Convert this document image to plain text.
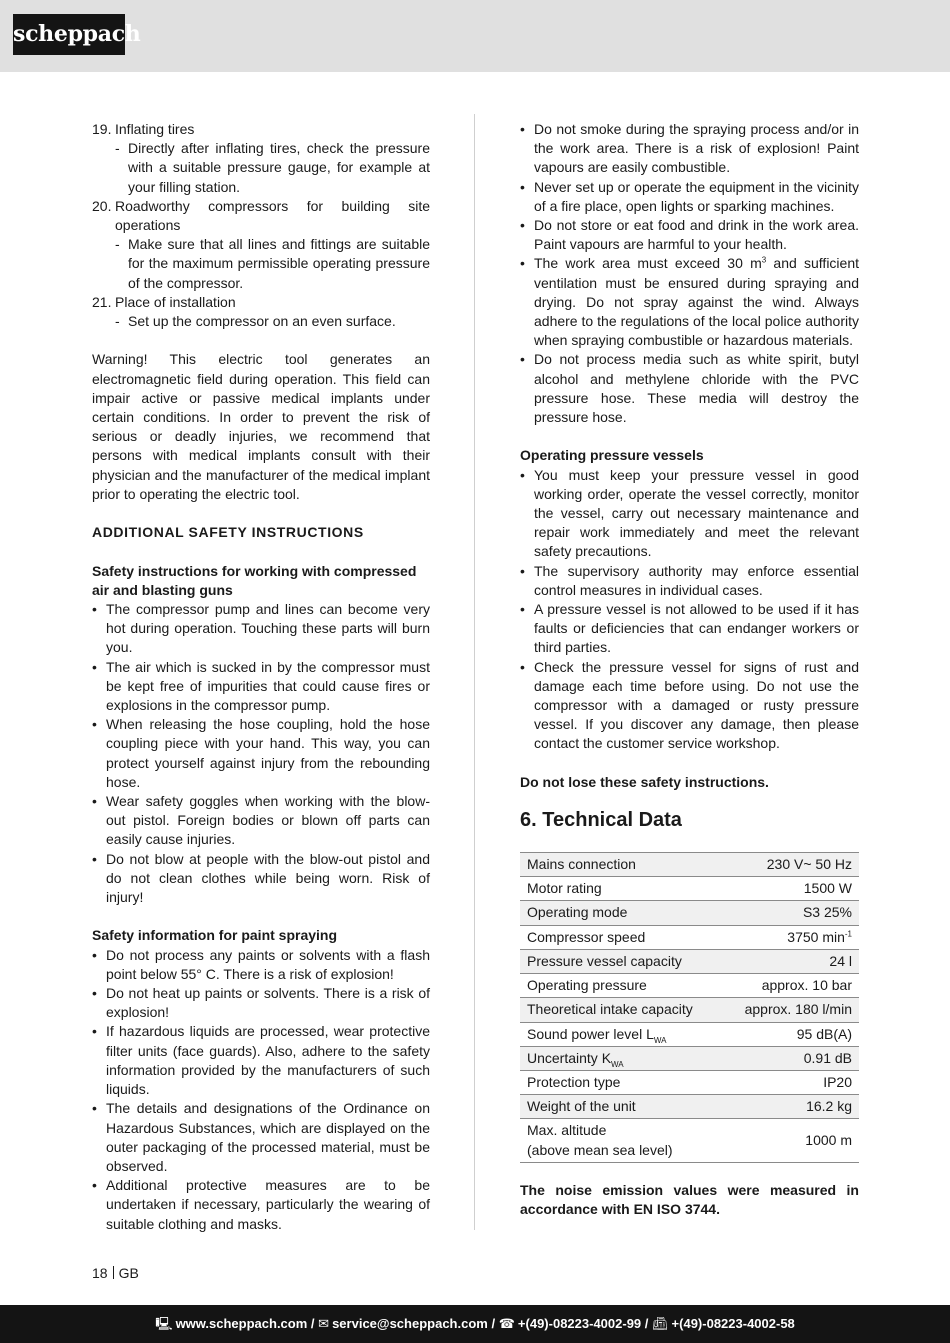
scheppach
19. Inflating tires
- Directly after inflating tires, check the pressure with a suitable pressure gauge, for example at your filling station.
20. Roadworthy compressors for building site operations
- Make sure that all lines and fittings are suitable for the maximum permissible operating pressure of the compressor.
21. Place of installation
- Set up the compressor on an even surface.

Warning! This electric tool generates an electromagnetic field during operation. This field can impair active or passive medical implants under certain conditions. In order to prevent the risk of serious or deadly injuries, we recommend that persons with medical implants consult with their physician and the manufacturer of the medical implant prior to operating the electric tool.

ADDITIONAL SAFETY INSTRUCTIONS

Safety instructions for working with compressed air and blasting guns

• The compressor pump and lines can become very hot during operation. Touching these parts will burn you.
• The air which is sucked in by the compressor must be kept free of impurities that could cause fires or explosions in the compressor pump.
• When releasing the hose coupling, hold the hose coupling piece with your hand. This way, you can protect yourself against injury from the rebounding hose.
• Wear safety goggles when working with the blow-out pistol. Foreign bodies or blown off parts can easily cause injuries.
• Do not blow at people with the blow-out pistol and do not clean clothes while being worn. Risk of injury!

Safety information for paint spraying

• Do not process any paints or solvents with a flash point below 55° C. There is a risk of explosion!
• Do not heat up paints or solvents. There is a risk of explosion!
• If hazardous liquids are processed, wear protective filter units (face guards). Also, adhere to the safety information provided by the manufacturers of such liquids.
• The details and designations of the Ordinance on Hazardous Substances, which are displayed on the outer packaging of the processed material, must be observed.
• Additional protective measures are to be undertaken if necessary, particularly the wearing of suitable clothing and masks.
• Do not smoke during the spraying process and/or in the work area. There is a risk of explosion! Paint vapours are easily combustible.
• Never set up or operate the equipment in the vicinity of a fire place, open lights or sparking machines.
• Do not store or eat food and drink in the work area. Paint vapours are harmful to your health.
• The work area must exceed 30 $m^3$ and sufficient ventilation must be ensured during spraying and drying. Do not spray against the wind. Always adhere to the regulations of the local police authority when spraying combustible or hazardous materials.
• Do not process media such as white spirit, butyl alcohol and methylene chloride with the PVC pressure hose. These media will destroy the pressure hose.

Operating pressure vessels

• You must keep your pressure vessel in good working order, operate the vessel correctly, monitor the vessel, carry out necessary maintenance and repair work immediately and meet the relevant safety precautions.
• The supervisory authority may enforce essential control measures in individual cases.
• A pressure vessel is not allowed to be used if it has faults or deficiencies that can endanger workers or third parties.
• Check the pressure vessel for signs of rust and damage each time before using. Do not use the compressor with a damaged or rusty pressure vessel. If you discover any damage, then please contact the customer service workshop.

Do not lose these safety instructions.

6. Technical Data

Mains connection	230 V~ 50 Hz
Motor rating	1500 W
Operating mode	S3 25%
Compressor speed	3750 $\min^{-1}$
Pressure vessel capacity	24 l
Operating pressure	approx. 10 bar
Theoretical intake capacity	approx. 180 l/min
Sound power level $L_{WA}$	95 dB(A)
Uncertainty $K_{WA}$	0.91 dB
Protection type	IP20
Weight of the unit	16.2 kg

Max. altitude
(above mean sea level)	1000 m

The noise emission values were measured in accordance with EN ISO 3744.

18 GB
🖳︎ www.scheppach.com / ✉︎ service@scheppach.com / ☎︎ +(49)-08223-4002-99 / 📠︎ +(49)-08223-4002-58
